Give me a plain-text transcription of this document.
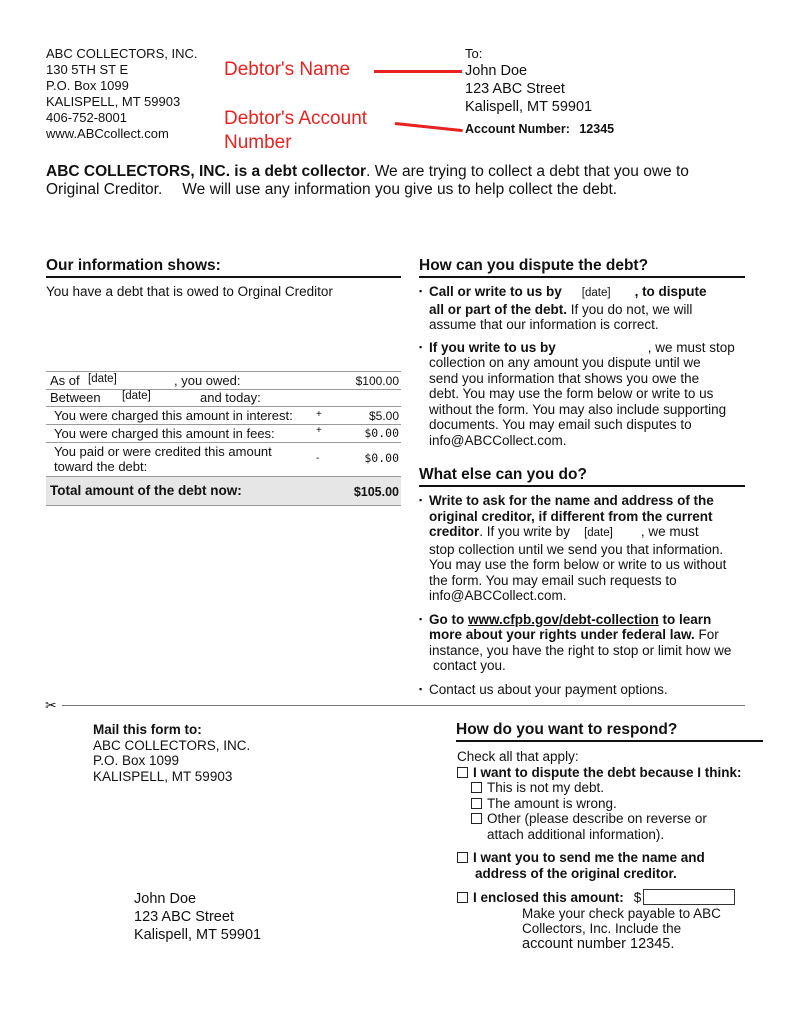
ABC COLLECTORS, INC.
130 5TH ST E
P.O. Box 1099
KALISPELL, MT 59903
406-752-8001
www.ABCcollect.com
Debtor's Name
Debtor's Account
Number
To:
John Doe
123 ABC Street
Kalispell, MT 59901
Account Number: 12345
ABC COLLECTORS, INC. is a debt collector. We are trying to collect a debt that you owe to
Original Creditor. We will use any information you give us to help collect the debt.
Our information shows:
You have a debt that is owed to Orginal Creditor
As of [date]	, you owed:	$100.00
Between [date]	and today:
You were charged this amount in interest: +	$5.00
You were charged this amount in fees:	+	$0.00
You paid or were credited this amount
toward the debt:
-	$0.00
Total amount of the debt now:	$105.00
How can you dispute the debt?
▪ Call or write to us by [date] , to dispute
all or part of the debt. If you do not, we will
assume that our information is correct.
▪ If you write to us by	, we must stop
collection on any amount you dispute until we
send you information that shows you owe the
debt. You may use the form below or write to us
without the form. You may also include supporting
documents. You may email such disputes to
info@ABCCollect.com.
What else can you do?
▪ Write to ask for the name and address of the
original creditor, if different from the current
creditor. If you write by [date] , we must
stop collection until we send you that information.
You may use the form below or write to us without
the form. You may email such requests to
info@ABCCollect.com.
▪ Go to www.cfpb.gov/debt-collection to learn
more about your rights under federal law. For
instance, you have the right to stop or limit how we
contact you.
▪ Contact us about your payment options.
✂
Mail this form to:
ABC COLLECTORS, INC.
P.O. Box 1099
KALISPELL, MT 59903
John Doe
123 ABC Street
Kalispell, MT 59901
How do you want to respond?
Check all that apply:
I want to dispute the debt because I think:
This is not my debt.
The amount is wrong.
Other (please describe on reverse or
attach additional information).
I want you to send me the name and
address of the original creditor.
I enclosed this amount: $
Make your check payable to ABC
Collectors, Inc. Include the
account number 12345.
